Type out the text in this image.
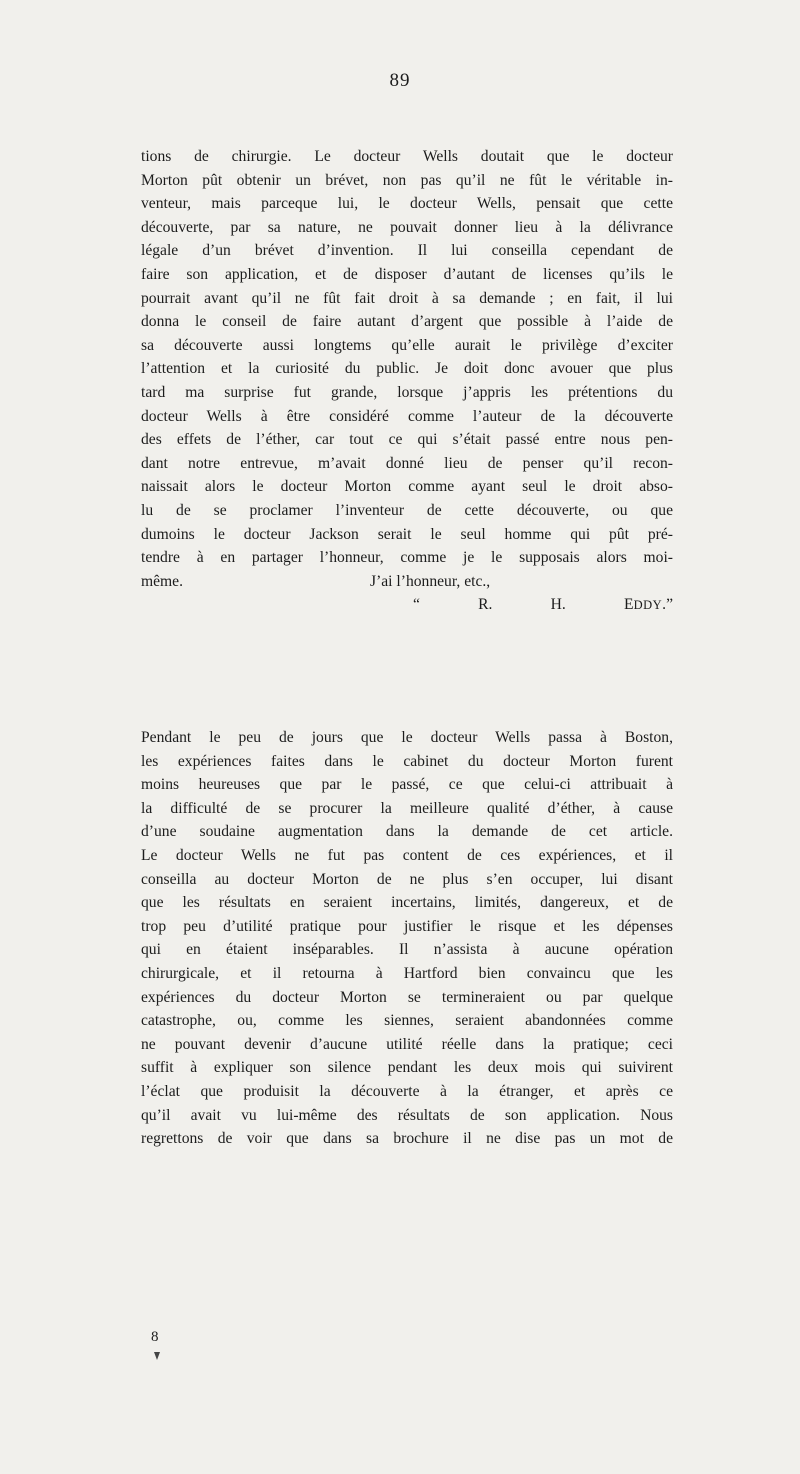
89
tions de chirurgie. Le docteur Wells doutait que le docteur
Morton pût obtenir un brévet, non pas qu’il ne fût le véritable in-
venteur, mais parceque lui, le docteur Wells, pensait que cette
découverte, par sa nature, ne pouvait donner lieu à la délivrance
légale d’un brévet d’invention. Il lui conseilla cependant de
faire son application, et de disposer d’autant de licenses qu’ils le
pourrait avant qu’il ne fût fait droit à sa demande ; en fait, il lui
donna le conseil de faire autant d’argent que possible à l’aide de
sa découverte aussi longtems qu’elle aurait le privilège d’exciter
l’attention et la curiosité du public. Je doit donc avouer que plus
tard ma surprise fut grande, lorsque j’appris les prétentions du
docteur Wells à être considéré comme l’auteur de la découverte
des effets de l’éther, car tout ce qui s’était passé entre nous pen-
dant notre entrevue, m’avait donné lieu de penser qu’il recon-
naissait alors le docteur Morton comme ayant seul le droit abso-
lu de se proclamer l’inventeur de cette découverte, ou que
dumoins le docteur Jackson serait le seul homme qui pût pré-
tendre à en partager l’honneur, comme je le supposais alors moi-
même.	J’ai l’honneur, etc.,
“ R. H. EDDY.”
Pendant le peu de jours que le docteur Wells passa à Boston,
les expériences faites dans le cabinet du docteur Morton furent
moins heureuses que par le passé, ce que celui-ci attribuait à
la difficulté de se procurer la meilleure qualité d’éther, à cause
d’une soudaine augmentation dans la demande de cet article.
Le docteur Wells ne fut pas content de ces expériences, et il
conseilla au docteur Morton de ne plus s’en occuper, lui disant
que les résultats en seraient incertains, limités, dangereux, et de
trop peu d’utilité pratique pour justifier le risque et les dépenses
qui en étaient inséparables. Il n’assista à aucune opération
chirurgicale, et il retourna à Hartford bien convaincu que les
expériences du docteur Morton se termineraient ou par quelque
catastrophe, ou, comme les siennes, seraient abandonnées comme
ne pouvant devenir d’aucune utilité réelle dans la pratique; ceci
suffit à expliquer son silence pendant les deux mois qui suivirent
l’éclat que produisit la découverte à la étranger, et après ce
qu’il avait vu lui-même des résultats de son application. Nous
regrettons de voir que dans sa brochure il ne dise pas un mot de
8
